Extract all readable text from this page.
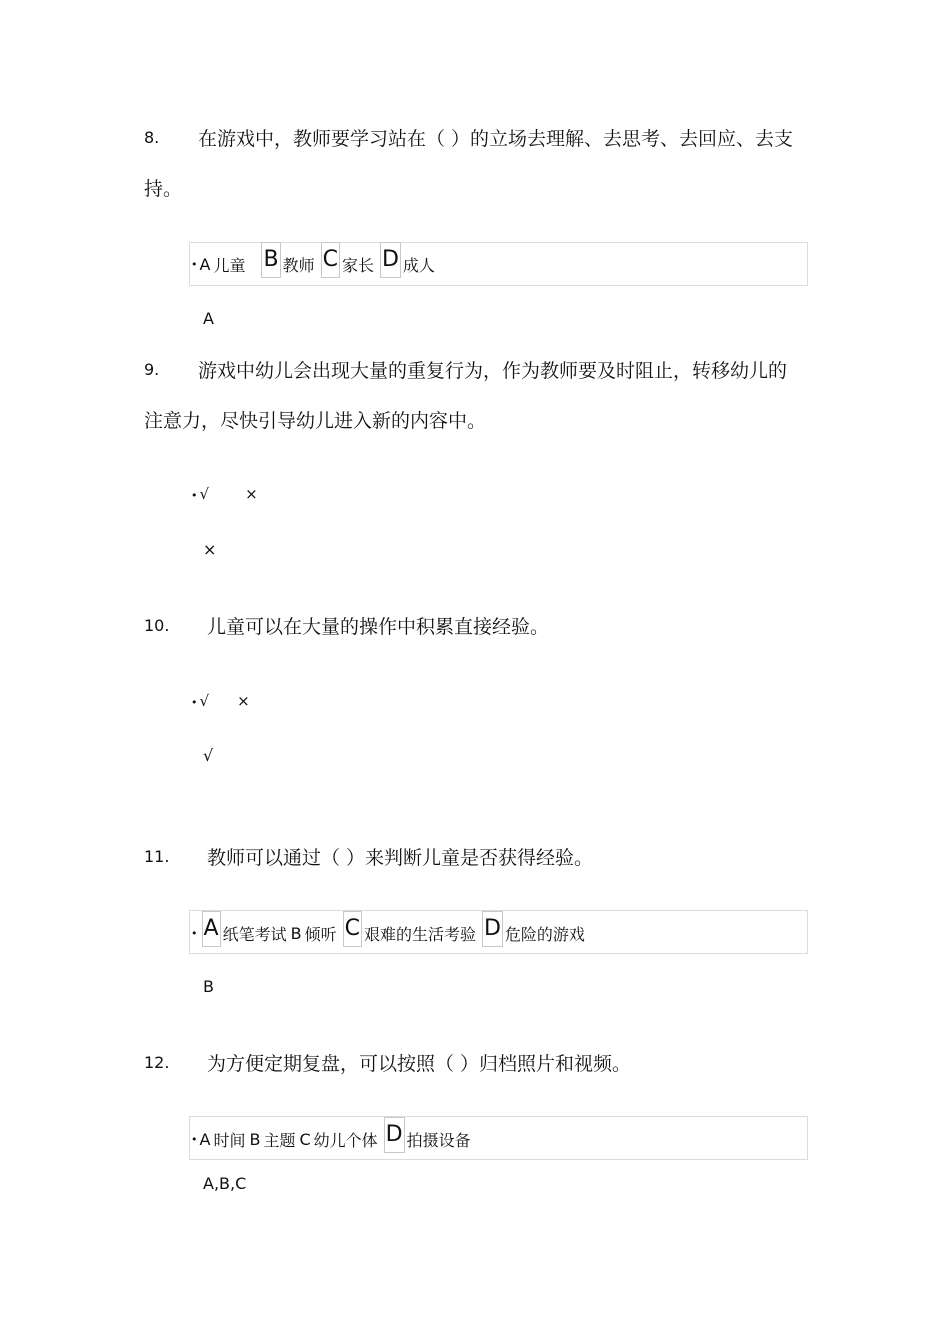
8. 在游戏中，教师要学习站在（ ）的立场去理解、去思考、去回应、去支
持。
• A 儿童 B 教师 C 家长 D 成人
A
9. 游戏中幼儿会出现大量的重复行为，作为教师要及时阻止，转移幼儿的
注意力，尽快引导幼儿进入新的内容中。
• √ ×
×
10. 儿童可以在大量的操作中积累直接经验。
• √ ×
√
11. 教师可以通过（ ）来判断儿童是否获得经验。
• A 纸笔考试 B 倾听 C 艰难的生活考验 D 危险的游戏
B
12. 为方便定期复盘，可以按照（ ）归档照片和视频。
• A 时间 B 主题 C 幼儿个体 D 拍摄设备
A,B,C
